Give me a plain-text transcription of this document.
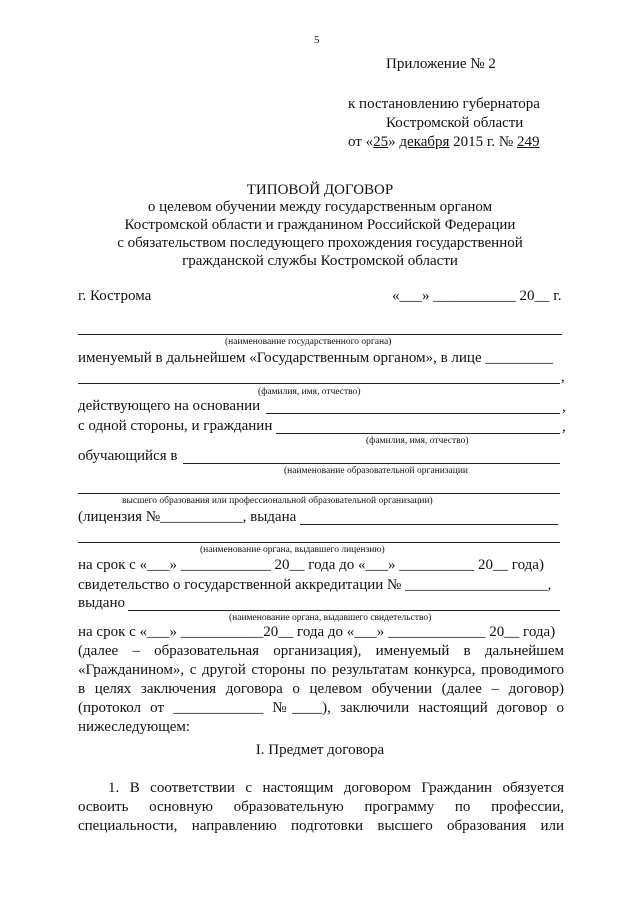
5
Приложение № 2
к постановлению губернатора
Костромской области
от «25» декабря 2015 г. № 249
ТИПОВОЙ ДОГОВОР
о целевом обучении между государственным органом
Костромской области и гражданином Российской Федерации
с обязательством последующего прохождения государственной
гражданской службы Костромской области
г. Кострома	«___» ___________ 20__ г.
(наименование государственного органа)
именуемый в дальнейшем «Государственным органом», в лице _________
,
(фамилия, имя, отчество)
действующего на основании	,
с одной стороны, и гражданин	,
(фамилия, имя, отчество)
обучающийся в
(наименование образовательной организации
высшего образования или профессиональной образовательной организации)
(лицензия №___________, выдана
(наименование органа, выдавшего лицензию)
на срок с «___» ____________ 20__ года до «___» __________ 20__ года)
свидетельство о государственной аккредитации № ___________________,
выдано
(наименование органа, выдавшего свидетельство)
на срок с «___» ___________20__ года до «___» _____________ 20__ года)
(далее – образовательная организация), именуемый в дальнейшем
«Гражданином», с другой стороны по результатам конкурса, проводимого
в целях заключения договора о целевом обучении (далее – договор)
(протокол от ____________ №____), заключили настоящий договор о
нижеследующем:
I. Предмет договора
1. В соответствии с настоящим договором Гражданин обязуется
освоить основную образовательную программу по профессии,
специальности, направлению подготовки высшего образования или
